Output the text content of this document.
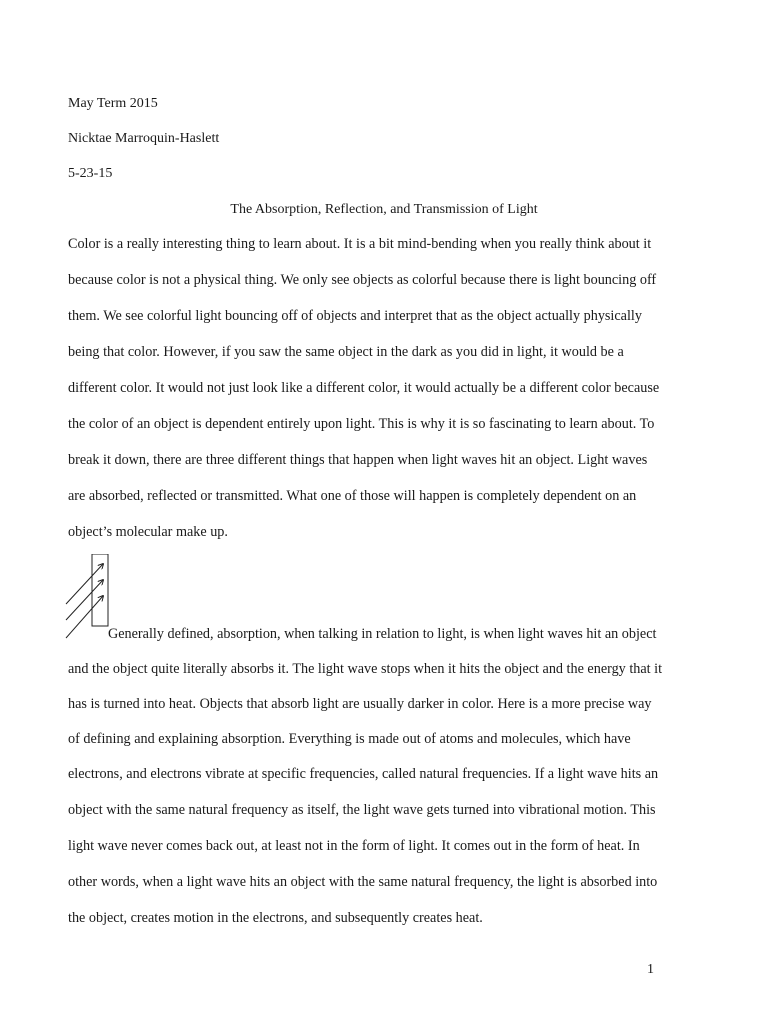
May Term 2015
Nicktae Marroquin-Haslett
5-23-15
The Absorption, Reflection, and Transmission of Light
Color is a really interesting thing to learn about. It is a bit mind-bending when you really think about it
because color is not a physical thing. We only see objects as colorful because there is light bouncing off
them. We see colorful light bouncing off of objects and interpret that as the object actually physically
being that color. However, if you saw the same object in the dark as you did in light, it would be a
different color. It would not just look like a different color, it would actually be a different color because
the color of an object is dependent entirely upon light. This is why it is so fascinating to learn about. To
break it down, there are three different things that happen when light waves hit an object. Light waves
are absorbed, reflected or transmitted. What one of those will happen is completely dependent on an
object’s molecular make up.
Generally defined, absorption, when talking in relation to light, is when light waves hit an object
and the object quite literally absorbs it. The light wave stops when it hits the object and the energy that it
has is turned into heat. Objects that absorb light are usually darker in color. Here is a more precise way
of defining and explaining absorption. Everything is made out of atoms and molecules, which have
electrons, and electrons vibrate at specific frequencies, called natural frequencies. If a light wave hits an
object with the same natural frequency as itself, the light wave gets turned into vibrational motion. This
light wave never comes back out, at least not in the form of light. It comes out in the form of heat. In
other words, when a light wave hits an object with the same natural frequency, the light is absorbed into
the object, creates motion in the electrons, and subsequently creates heat.
1
